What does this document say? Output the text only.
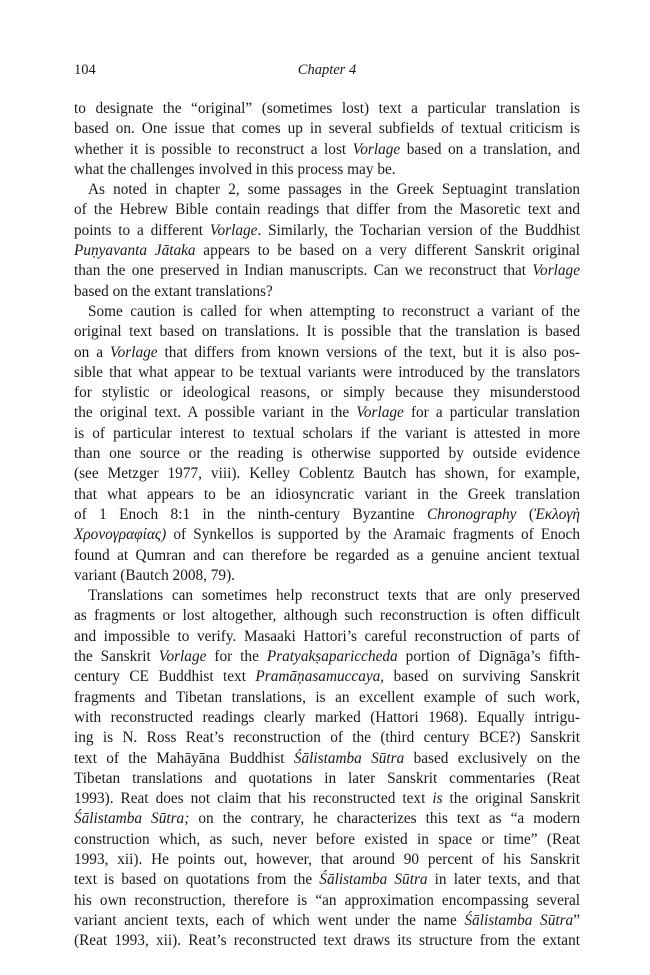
104	Chapter 4
to designate the “original” (sometimes lost) text a particular translation is
based on. One issue that comes up in several subfields of textual criticism is
whether it is possible to reconstruct a lost Vorlage based on a translation, and
what the challenges involved in this process may be.
As noted in chapter 2, some passages in the Greek Septuagint translation
of the Hebrew Bible contain readings that differ from the Masoretic text and
points to a different Vorlage. Similarly, the Tocharian version of the Buddhist
Puṇyavanta Jātaka appears to be based on a very different Sanskrit original
than the one preserved in Indian manuscripts. Can we reconstruct that Vorlage
based on the extant translations?
Some caution is called for when attempting to reconstruct a variant of the
original text based on translations. It is possible that the translation is based
on a Vorlage that differs from known versions of the text, but it is also pos-
sible that what appear to be textual variants were introduced by the translators
for stylistic or ideological reasons, or simply because they misunderstood
the original text. A possible variant in the Vorlage for a particular translation
is of particular interest to textual scholars if the variant is attested in more
than one source or the reading is otherwise supported by outside evidence
(see Metzger 1977, viii). Kelley Coblentz Bautch has shown, for example,
that what appears to be an idiosyncratic variant in the Greek translation
of 1 Enoch 8:1 in the ninth-century Byzantine Chronography (Ἐκλογὴ
Χρονογραφίας) of Synkellos is supported by the Aramaic fragments of Enoch
found at Qumran and can therefore be regarded as a genuine ancient textual
variant (Bautch 2008, 79).
Translations can sometimes help reconstruct texts that are only preserved
as fragments or lost altogether, although such reconstruction is often difficult
and impossible to verify. Masaaki Hattori’s careful reconstruction of parts of
the Sanskrit Vorlage for the Pratyakṣapariccheda portion of Dignāga’s fifth-
century CE Buddhist text Pramāṇasamuccaya, based on surviving Sanskrit
fragments and Tibetan translations, is an excellent example of such work,
with reconstructed readings clearly marked (Hattori 1968). Equally intrigu-
ing is N. Ross Reat’s reconstruction of the (third century BCE?) Sanskrit
text of the Mahāyāna Buddhist Śālistamba Sūtra based exclusively on the
Tibetan translations and quotations in later Sanskrit commentaries (Reat
1993). Reat does not claim that his reconstructed text is the original Sanskrit
Śālistamba Sūtra; on the contrary, he characterizes this text as “a modern
construction which, as such, never before existed in space or time” (Reat
1993, xii). He points out, however, that around 90 percent of his Sanskrit
text is based on quotations from the Śālistamba Sūtra in later texts, and that
his own reconstruction, therefore is “an approximation encompassing several
variant ancient texts, each of which went under the name Śālistamba Sūtra”
(Reat 1993, xii). Reat’s reconstructed text draws its structure from the extant
